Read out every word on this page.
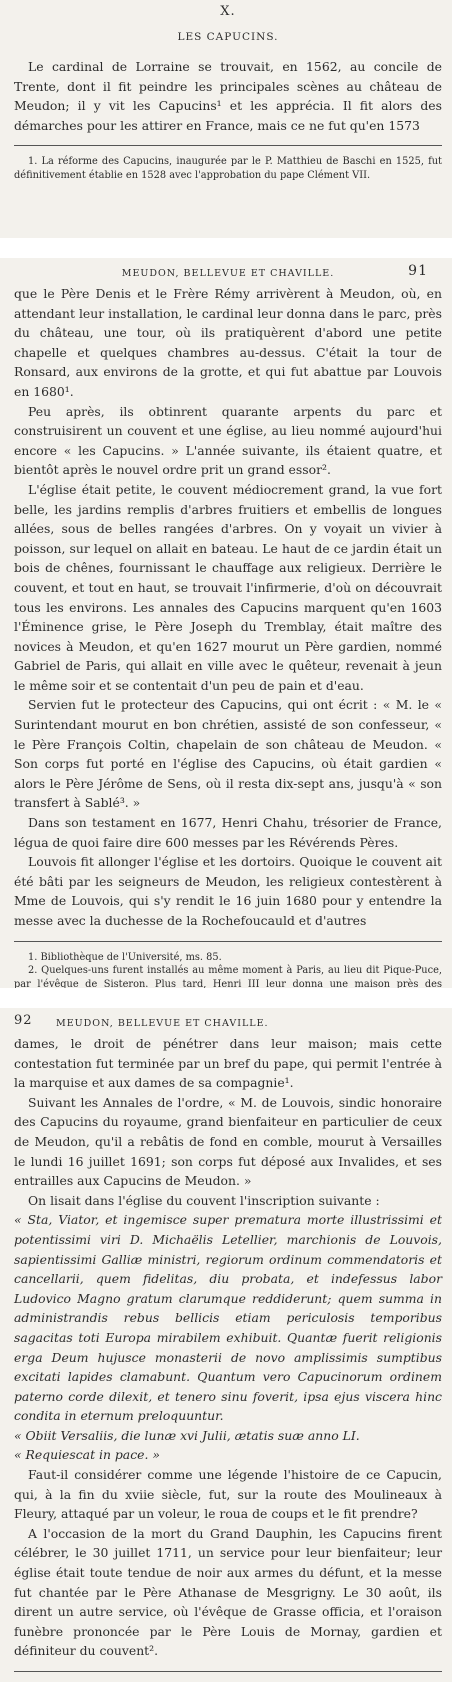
X.
LES CAPUCINS.

Le cardinal de Lorraine se trouvait, en 1562, au concile de Trente, dont il fit peindre les principales scènes au château de Meudon; il y vit les Capucins¹ et les apprécia. Il fit alors des démarches pour les attirer en France, mais ce ne fut qu'en 1573

1. La réforme des Capucins, inaugurée par le P. Matthieu de Baschi en 1525, fut définitivement établie en 1528 avec l'approbation du pape Clément VII.

MEUDON, BELLEVUE ET CHAVILLE.	91

que le Père Denis et le Frère Rémy arrivèrent à Meudon, où, en attendant leur installation, le cardinal leur donna dans le parc, près du château, une tour, où ils pratiquèrent d'abord une petite chapelle et quelques chambres au-dessus. C'était la tour de Ronsard, aux environs de la grotte, et qui fut abattue par Louvois en 1680¹.

Peu après, ils obtinrent quarante arpents du parc et construisirent un couvent et une église, au lieu nommé aujourd'hui encore « les Capucins. » L'année suivante, ils étaient quatre, et bientôt après le nouvel ordre prit un grand essor².

L'église était petite, le couvent médiocrement grand, la vue fort belle, les jardins remplis d'arbres fruitiers et embellis de longues allées, sous de belles rangées d'arbres. On y voyait un vivier à poisson, sur lequel on allait en bateau. Le haut de ce jardin était un bois de chênes, fournissant le chauffage aux religieux. Derrière le couvent, et tout en haut, se trouvait l'infirmerie, d'où on découvrait tous les environs. Les annales des Capucins marquent qu'en 1603 l'Éminence grise, le Père Joseph du Tremblay, était maître des novices à Meudon, et qu'en 1627 mourut un Père gardien, nommé Gabriel de Paris, qui allait en ville avec le quêteur, revenait à jeun le même soir et se contentait d'un peu de pain et d'eau.

Servien fut le protecteur des Capucins, qui ont écrit : « M. le « Surintendant mourut en bon chrétien, assisté de son confesseur, « le Père François Coltin, chapelain de son château de Meudon. « Son corps fut porté en l'église des Capucins, où était gardien « alors le Père Jérôme de Sens, où il resta dix-sept ans, jusqu'à « son transfert à Sablé³. »

Dans son testament en 1677, Henri Chahu, trésorier de France, légua de quoi faire dire 600 messes par les Révérends Pères.

Louvois fit allonger l'église et les dortoirs. Quoique le couvent ait été bâti par les seigneurs de Meudon, les religieux contestèrent à Mme de Louvois, qui s'y rendit le 16 juin 1680 pour y entendre la messe avec la duchesse de la Rochefoucauld et d'autres

1. Bibliothèque de l'Université, ms. 85.

2. Quelques-uns furent installés au même moment à Paris, au lieu dit Pique-Puce, par l'évêque de Sisteron. Plus tard, Henri III leur donna une maison près des

92 MEUDON, BELLEVUE ET CHAVILLE.

dames, le droit de pénétrer dans leur maison; mais cette contestation fut terminée par un bref du pape, qui permit l'entrée à la marquise et aux dames de sa compagnie¹.

Suivant les Annales de l'ordre, « M. de Louvois, sindic honoraire des Capucins du royaume, grand bienfaiteur en particulier de ceux de Meudon, qu'il a rebâtis de fond en comble, mourut à Versailles le lundi 16 juillet 1691; son corps fut déposé aux Invalides, et ses entrailles aux Capucins de Meudon. »

On lisait dans l'église du couvent l'inscription suivante :

« Sta, Viator, et ingemisce super prematura morte illustrissimi et potentissimi viri D. Michaëlis Letellier, marchionis de Louvois, sapientissimi Galliæ ministri, regiorum ordinum commendatoris et cancellarii, quem fidelitas, diu probata, et indefessus labor Ludovico Magno gratum clarumque reddiderunt; quem summa in administrandis rebus bellicis etiam periculosis temporibus sagacitas toti Europa mirabilem exhibuit. Quantæ fuerit religionis erga Deum hujusce monasterii de novo amplissimis sumptibus excitati lapides clamabunt. Quantum vero Capucinorum ordinem paterno corde dilexit, et tenero sinu foverit, ipsa ejus viscera hinc condita in eternum preloquuntur.

« Obiit Versaliis, die lunæ xvi Julii, ætatis suæ anno LI.

« Requiescat in pace. »

Faut-il considérer comme une légende l'histoire de ce Capucin, qui, à la fin du xviie siècle, fut, sur la route des Moulineaux à Fleury, attaqué par un voleur, le roua de coups et le fit prendre?

A l'occasion de la mort du Grand Dauphin, les Capucins firent célébrer, le 30 juillet 1711, un service pour leur bienfaiteur; leur église était toute tendue de noir aux armes du défunt, et la messe fut chantée par le Père Athanase de Mesgrigny. Le 30 août, ils dirent un autre service, où l'évêque de Grasse officia, et l'oraison funèbre prononcée par le Père Louis de Mornay, gardien et définiteur du couvent².
